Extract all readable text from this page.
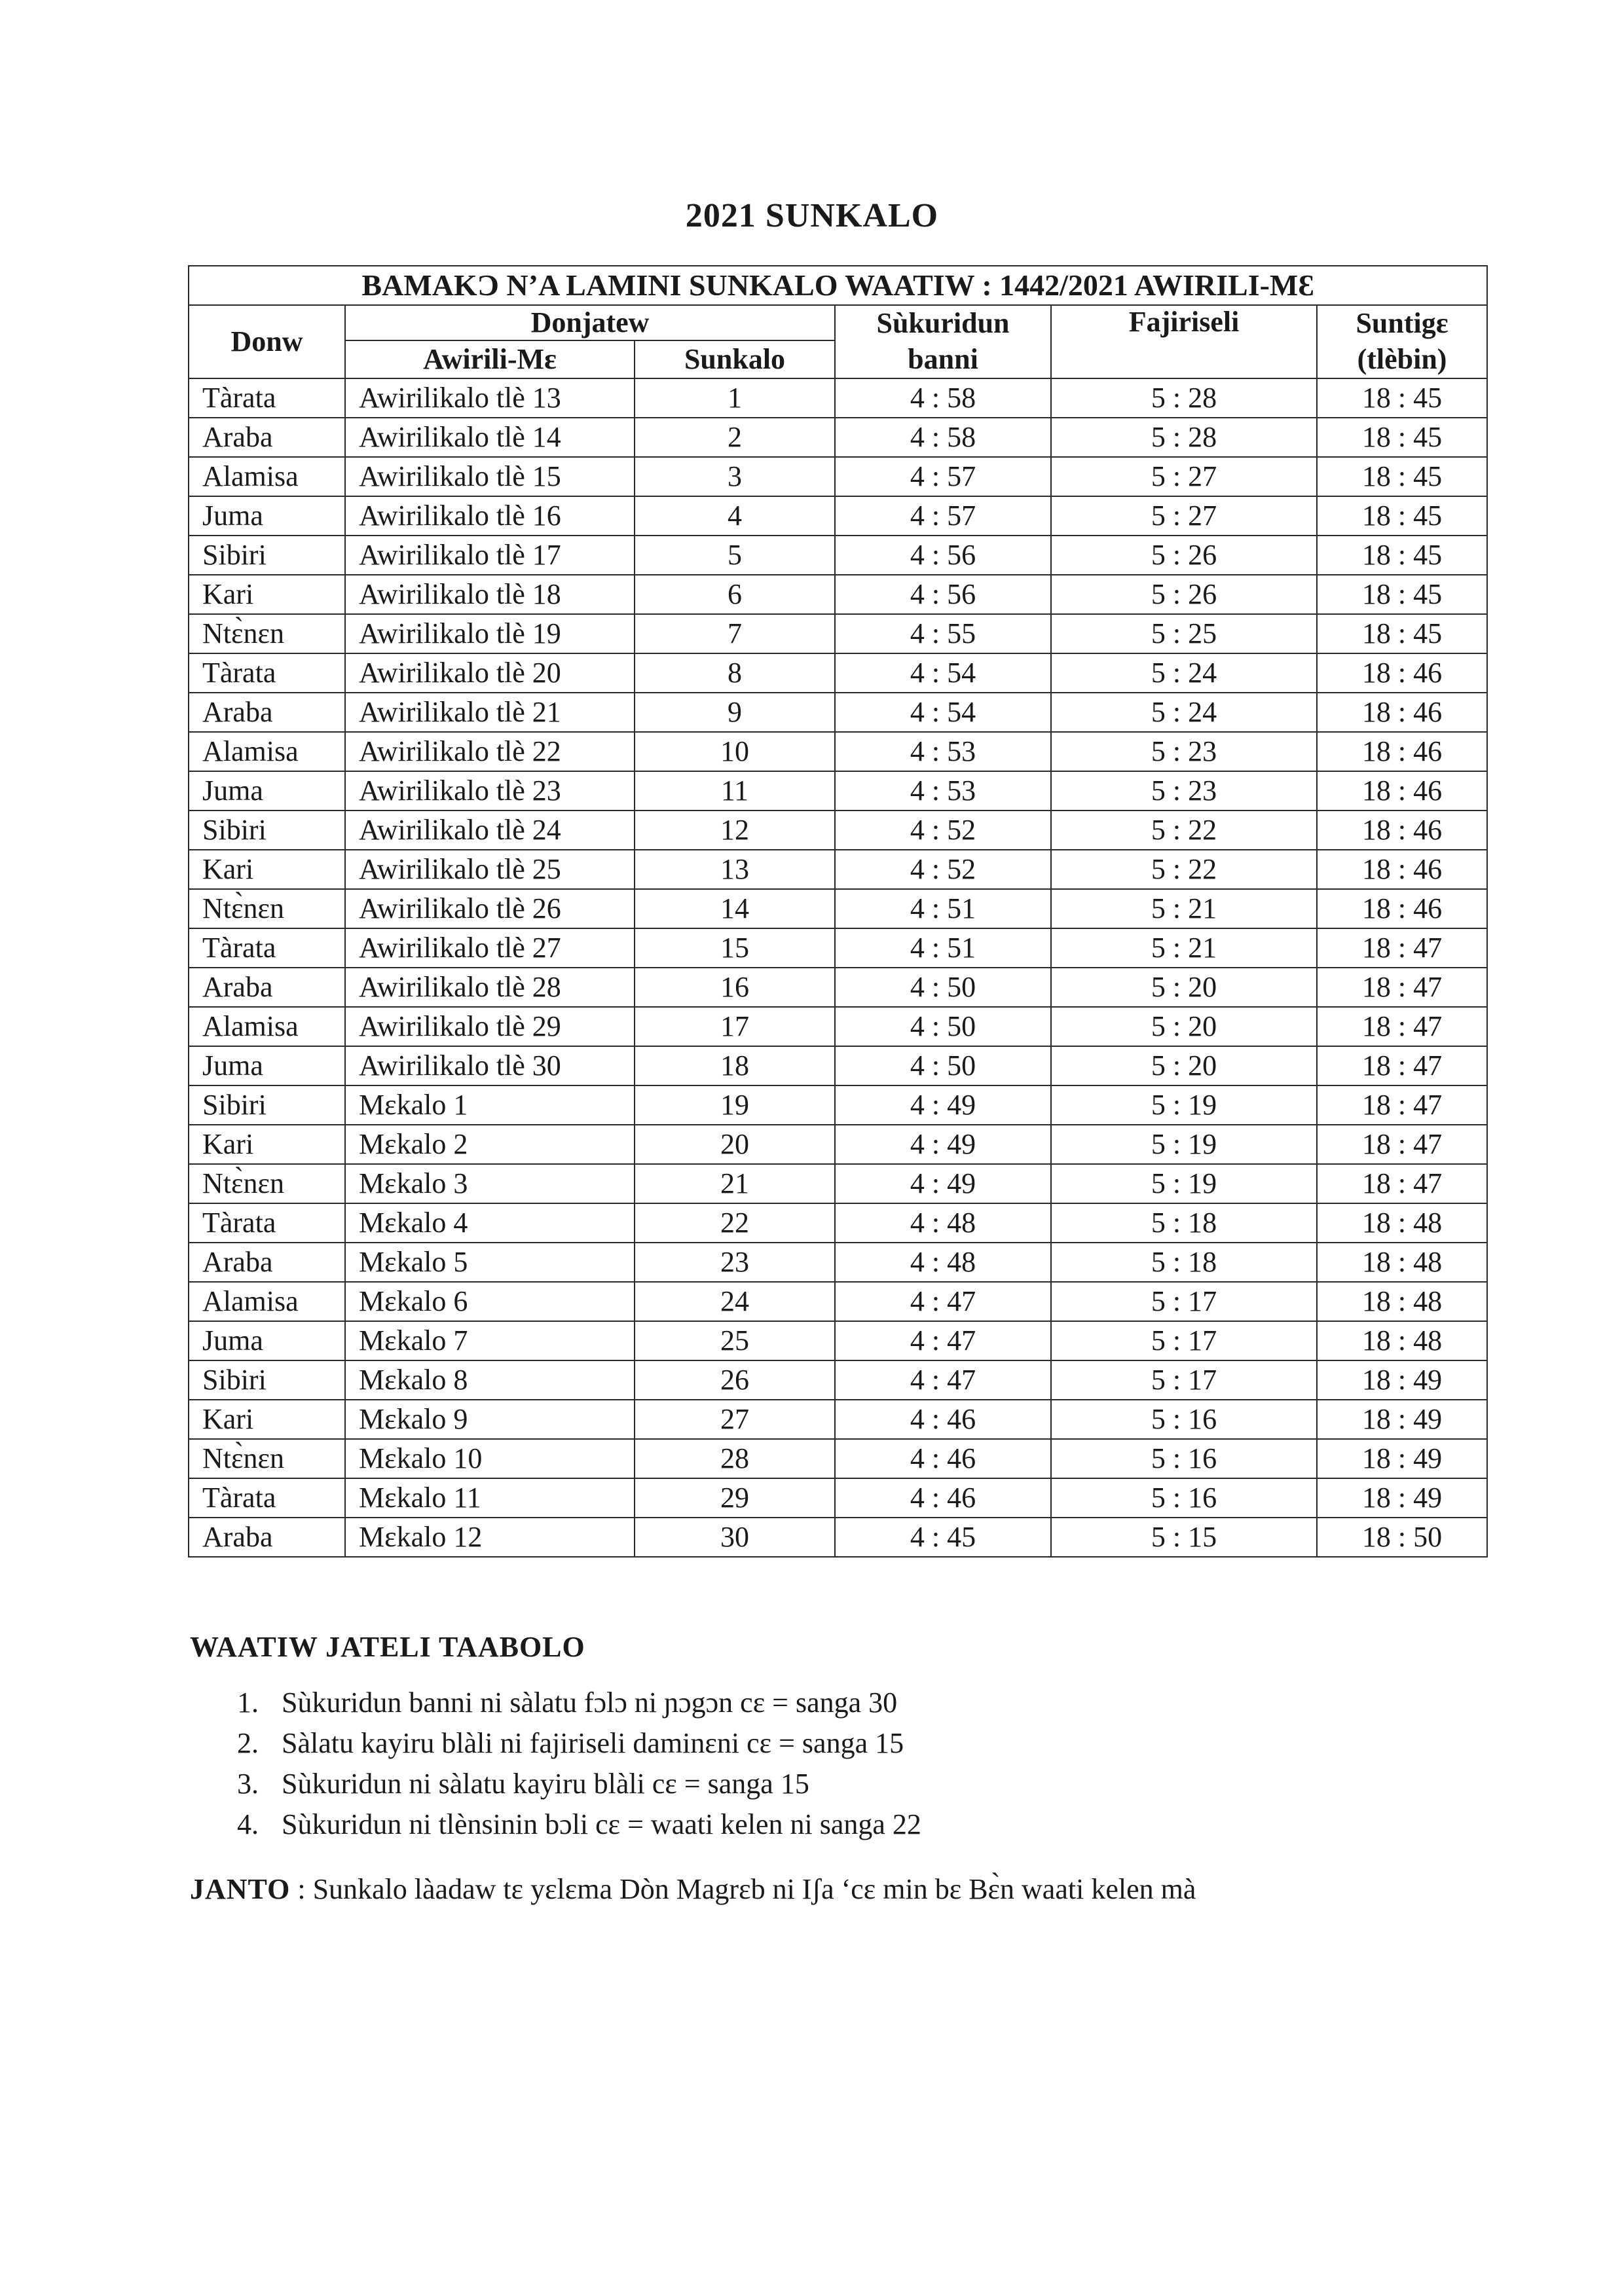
2021 SUNKALO
BAMAKƆ N’A LAMINI SUNKALO WAATIW : 1442/2021 AWIRILI-MƐ					
Donw	Donjatew		Sùkuridun	Fajiriseli	Suntigɛ
	Awirili-Mɛ	Sunkalo	banni		(tlèbin)
Tàrata	Awirilikalo tlè 13	1	4 : 58	5 : 28	18 : 45
Araba	Awirilikalo tlè 14	2	4 : 58	5 : 28	18 : 45
Alamisa	Awirilikalo tlè 15	3	4 : 57	5 : 27	18 : 45
Juma	Awirilikalo tlè 16	4	4 : 57	5 : 27	18 : 45
Sibiri	Awirilikalo tlè 17	5	4 : 56	5 : 26	18 : 45
Kari	Awirilikalo tlè 18	6	4 : 56	5 : 26	18 : 45
Ntɛ̀nɛn	Awirilikalo tlè 19	7	4 : 55	5 : 25	18 : 45
Tàrata	Awirilikalo tlè 20	8	4 : 54	5 : 24	18 : 46
Araba	Awirilikalo tlè 21	9	4 : 54	5 : 24	18 : 46
Alamisa	Awirilikalo tlè 22	10	4 : 53	5 : 23	18 : 46
Juma	Awirilikalo tlè 23	11	4 : 53	5 : 23	18 : 46
Sibiri	Awirilikalo tlè 24	12	4 : 52	5 : 22	18 : 46
Kari	Awirilikalo tlè 25	13	4 : 52	5 : 22	18 : 46
Ntɛ̀nɛn	Awirilikalo tlè 26	14	4 : 51	5 : 21	18 : 46
Tàrata	Awirilikalo tlè 27	15	4 : 51	5 : 21	18 : 47
Araba	Awirilikalo tlè 28	16	4 : 50	5 : 20	18 : 47
Alamisa	Awirilikalo tlè 29	17	4 : 50	5 : 20	18 : 47
Juma	Awirilikalo tlè 30	18	4 : 50	5 : 20	18 : 47
Sibiri	Mɛkalo 1	19	4 : 49	5 : 19	18 : 47
Kari	Mɛkalo 2	20	4 : 49	5 : 19	18 : 47
Ntɛ̀nɛn	Mɛkalo 3	21	4 : 49	5 : 19	18 : 47
Tàrata	Mɛkalo 4	22	4 : 48	5 : 18	18 : 48
Araba	Mɛkalo 5	23	4 : 48	5 : 18	18 : 48
Alamisa	Mɛkalo 6	24	4 : 47	5 : 17	18 : 48
Juma	Mɛkalo 7	25	4 : 47	5 : 17	18 : 48
Sibiri	Mɛkalo 8	26	4 : 47	5 : 17	18 : 49
Kari	Mɛkalo 9	27	4 : 46	5 : 16	18 : 49
Ntɛ̀nɛn	Mɛkalo 10	28	4 : 46	5 : 16	18 : 49
Tàrata	Mɛkalo 11	29	4 : 46	5 : 16	18 : 49
Araba	Mɛkalo 12	30	4 : 45	5 : 15	18 : 50
WAATIW JATELI TAABOLO
1. Sùkuridun banni ni sàlatu fɔlɔ ni ɲɔgɔn cɛ = sanga 30
2. Sàlatu kayiru blàli ni fajiriseli daminɛni cɛ = sanga 15
3. Sùkuridun ni sàlatu kayiru blàli cɛ = sanga 15
4. Sùkuridun ni tlènsinin bɔli cɛ = waati kelen ni sanga 22
JANTO : Sunkalo làadaw tɛ yɛlɛma Dòn Magrɛb ni Iʃa ‘cɛ min bɛ Bɛ̀n waati kelen mà
